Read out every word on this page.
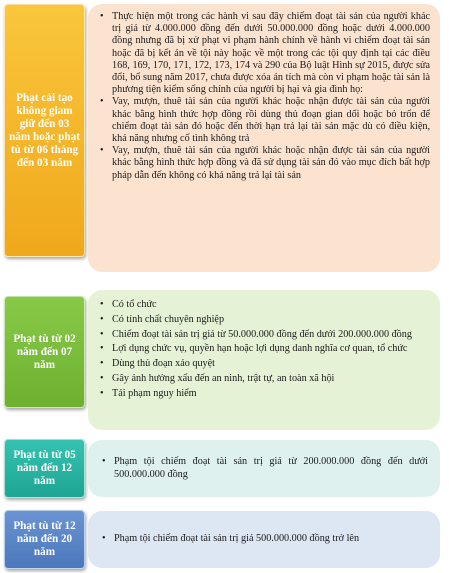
Phạt cải tạo không giam giữ đến 03 năm hoặc phạt tù từ 06 tháng đến 03 năm
• Thực hiện một trong các hành vi sau đây chiếm đoạt tài sản của người khác trị giá từ 4.000.000 đồng đến dưới 50.000.000 đồng hoặc dưới 4.000.000 đồng nhưng đã bị xử phạt vi phạm hành chính về hành vi chiếm đoạt tài sản hoặc đã bị kết án về tội này hoặc về một trong các tội quy định tại các điều 168, 169, 170, 171, 172, 173, 174 và 290 của Bộ luật Hình sự 2015, được sửa đổi, bổ sung năm 2017, chưa được xóa án tích mà còn vi phạm hoặc tài sản là phương tiện kiếm sống chính của người bị hại và gia đình họ:
• Vay, mượn, thuê tài sản của người khác hoặc nhận được tài sản của người khác bằng hình thức hợp đồng rồi dùng thủ đoạn gian dối hoặc bỏ trốn để chiếm đoạt tài sản đó hoặc đến thời hạn trả lại tài sản mặc dù có điều kiện, khả năng nhưng cố tình không trả
• Vay, mượn, thuê tài sản của người khác hoặc nhận được tài sản của người khác bằng hình thức hợp đồng và đã sử dụng tài sản đó vào mục đích bất hợp pháp dẫn đến không có khả năng trả lại tài sản
Phạt tù từ 02 năm đến 07 năm
• Có tổ chức
• Có tính chất chuyên nghiệp
• Chiếm đoạt tài sản trị giá từ 50.000.000 đồng đến dưới 200.000.000 đồng
• Lợi dụng chức vụ, quyền hạn hoặc lợi dụng danh nghĩa cơ quan, tổ chức
• Dùng thủ đoạn xảo quyệt
• Gây ảnh hưởng xấu đến an ninh, trật tự, an toàn xã hội
• Tái phạm nguy hiểm
Phạt tù từ 05 năm đến 12 năm
• Phạm tội chiếm đoạt tài sản trị giá từ 200.000.000 đồng đến dưới 500.000.000 đồng
Phạt tù từ 12 năm đến 20 năm
• Phạm tội chiếm đoạt tài sản trị giá 500.000.000 đồng trở lên
